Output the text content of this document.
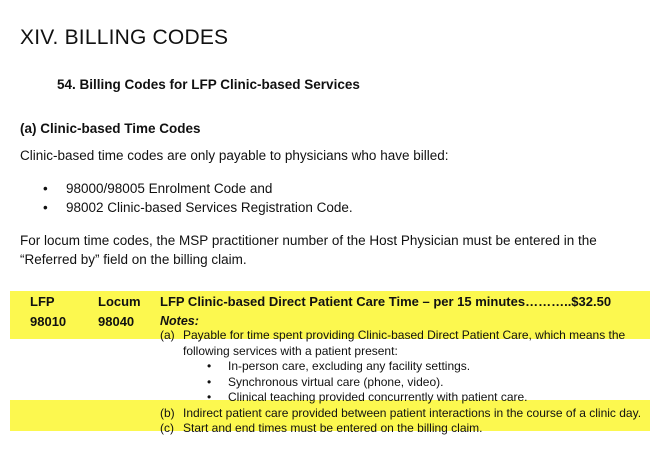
XIV. BILLING CODES
54. Billing Codes for LFP Clinic-based Services
(a) Clinic-based Time Codes
Clinic-based time codes are only payable to physicians who have billed:
• 98000/98005 Enrolment Code and
• 98002 Clinic-based Services Registration Code.
For locum time codes, the MSP practitioner number of the Host Physician must be entered in the “Referred by” field on the billing claim.
LFP
98010
Locum
98040
LFP Clinic-based Direct Patient Care Time – per 15 minutes………..$32.50
Notes:
(a) Payable for time spent providing Clinic-based Direct Patient Care, which means the following services with a patient present:
• In-person care, excluding any facility settings.
• Synchronous virtual care (phone, video).
• Clinical teaching provided concurrently with patient care.
(b) Indirect patient care provided between patient interactions in the course of a clinic day.
(c) Start and end times must be entered on the billing claim.
